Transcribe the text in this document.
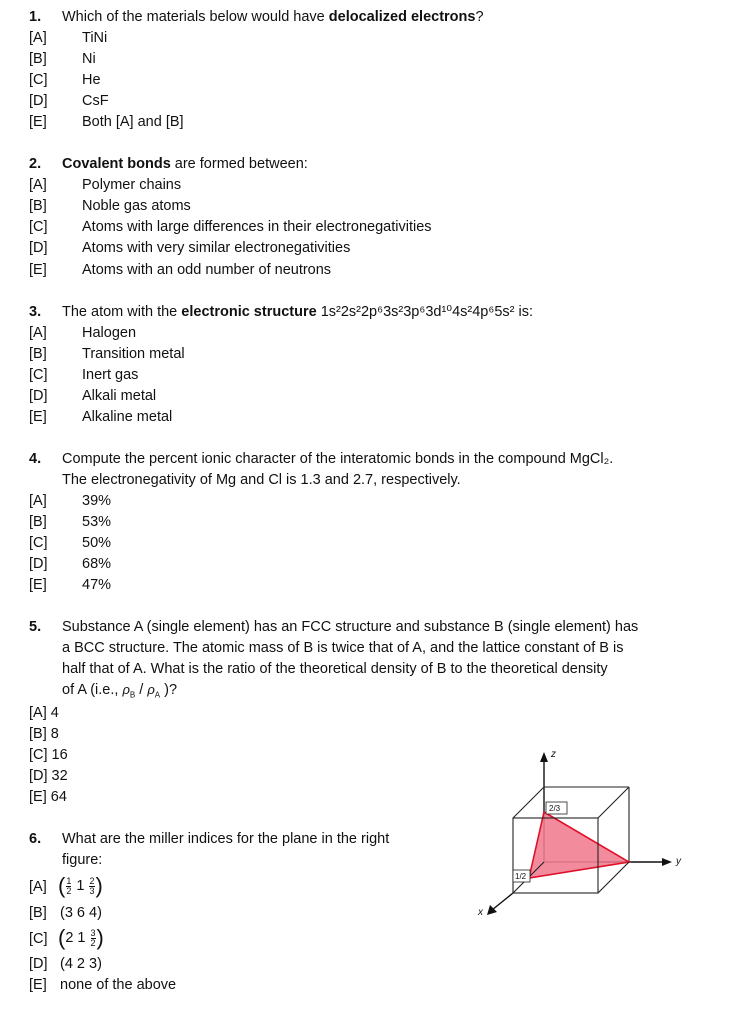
1. Which of the materials below would have delocalized electrons?
[A] TiNi
[B] Ni
[C] He
[D] CsF
[E] Both [A] and [B]
2. Covalent bonds are formed between:
[A] Polymer chains
[B] Noble gas atoms
[C] Atoms with large differences in their electronegativities
[D] Atoms with very similar electronegativities
[E] Atoms with an odd number of neutrons
3. The atom with the electronic structure 1s²2s²2p⁶3s²3p⁶3d¹⁰4s²4p⁶5s² is:
[A] Halogen
[B] Transition metal
[C] Inert gas
[D] Alkali metal
[E] Alkaline metal
4. Compute the percent ionic character of the interatomic bonds in the compound MgCl₂.
The electronegativity of Mg and Cl is 1.3 and 2.7, respectively.
[A] 39%
[B] 53%
[C] 50%
[D] 68%
[E] 47%
5. Substance A (single element) has an FCC structure and substance B (single element) has
a BCC structure. The atomic mass of B is twice that of A, and the lattice constant of B is
half that of A. What is the ratio of the theoretical density of B to the theoretical density
of A (i.e., $\rho_B / \rho_A$ )?
[A] 4
[B] 8
[C] 16
[D] 32
[E] 64
6. What are the miller indices for the plane in the right
figure:
[A] ( $\frac{1}{2} 1 \frac{2}{3}$ )
[B] (3 6 4)
[C] (2 $1 \frac{3}{2}$ )
[D] (4 2 3)
[E] none of the above
z
y
x
2/3
1/2
